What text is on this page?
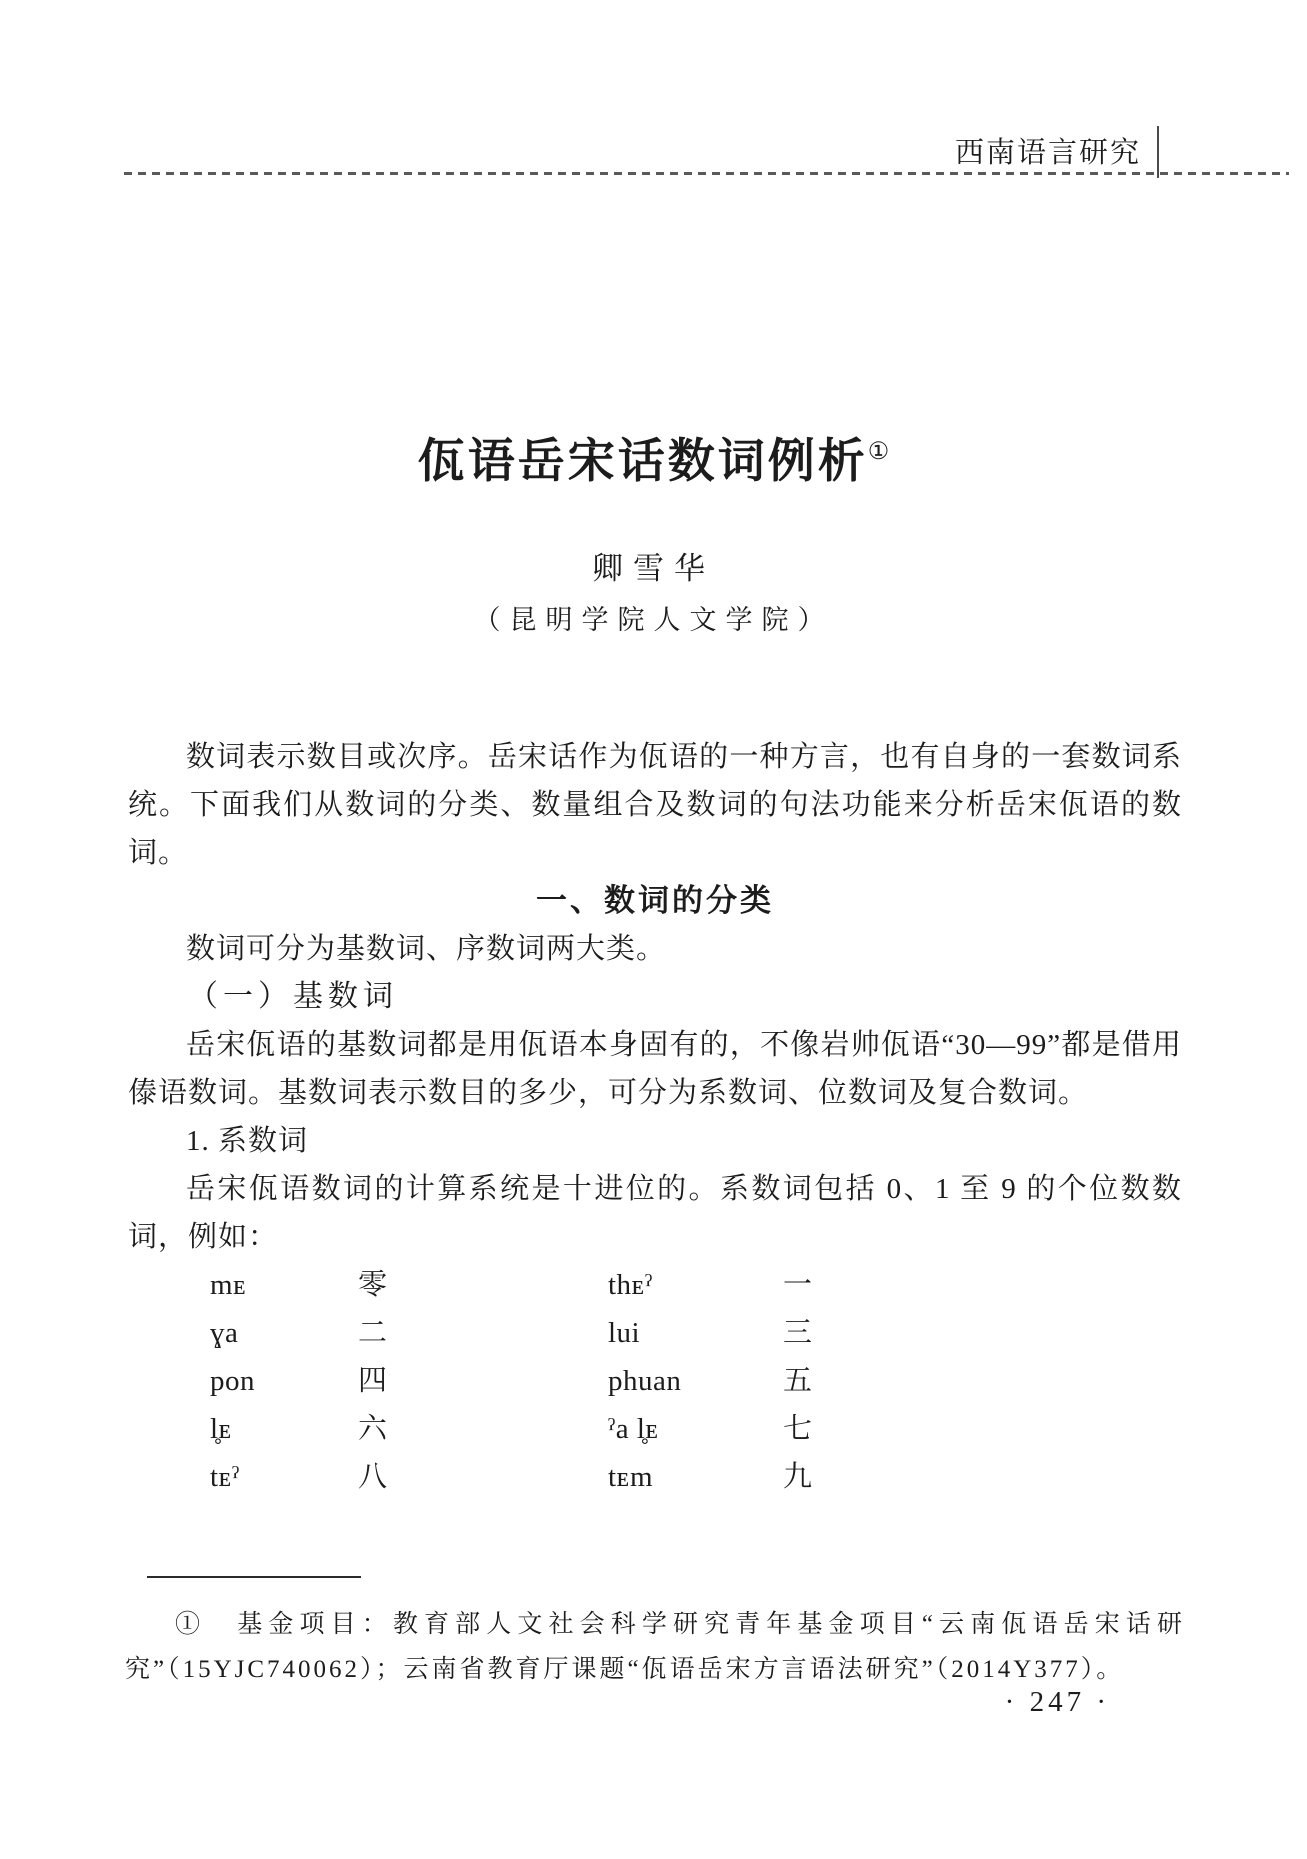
西南语言研究
佤语岳宋话数词例析①
卿雪华
（昆明学院人文学院）

数词表示数目或次序。岳宋话作为佤语的一种方言，也有自身的一套数词系统。下面我们从数词的分类、数量组合及数词的句法功能来分析岳宋佤语的数词。

一、数词的分类

数词可分为基数词、序数词两大类。

（一）基数词

岳宋佤语的基数词都是用佤语本身固有的，不像岩帅佤语“30—99”都是借用傣语数词。基数词表示数目的多少，可分为系数词、位数词及复合数词。

1. 系数词

岳宋佤语数词的计算系统是十进位的。系数词包括 0、1 至 9 的个位数数词，例如：

mᴇ	零	thᴇˀ	一
ɣa	二	lui	三
pon	四	phuan	五
l̥ᴇ	六	ˀa l̥ᴇ	七
tᴇˀ	八	tᴇm	九
①  基金项目：教育部人文社会科学研究青年基金项目“云南佤语岳宋话研究”（15YJC740062）；云南省教育厅课题“佤语岳宋方言语法研究”（2014Y377）。
· 247 ·
